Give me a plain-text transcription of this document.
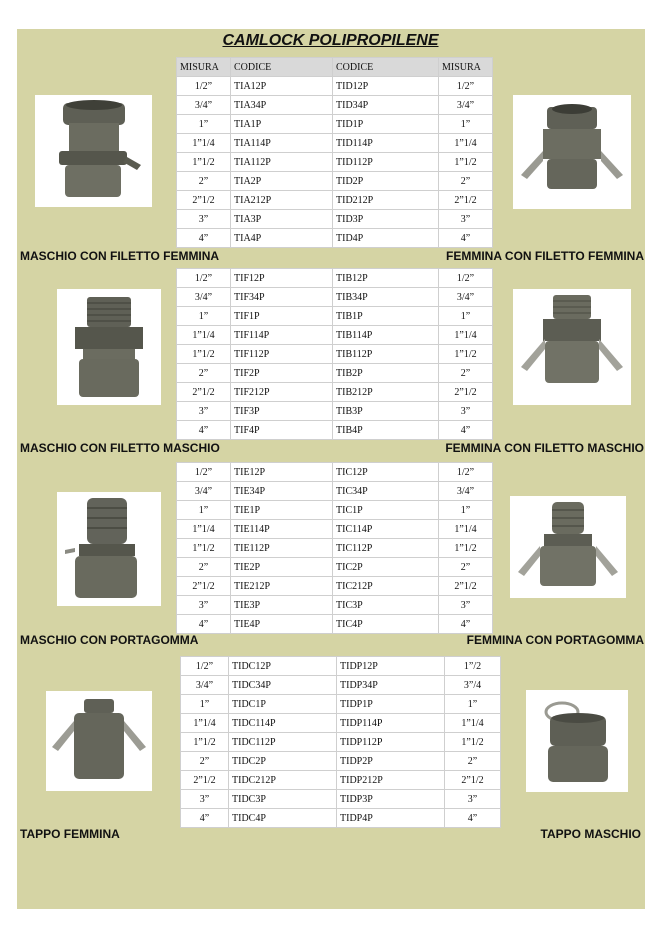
CAMLOCK POLIPROPILENE
MISURA	CODICE	CODICE	MISURA
1/2”	TIA12P	TID12P	1/2”
3/4”	TIA34P	TID34P	3/4”
1”	TIA1P	TID1P	1”
1”1/4	TIA114P	TID114P	1”1/4
1”1/2	TIA112P	TID112P	1”1/2
2”	TIA2P	TID2P	2”
2”1/2	TIA212P	TID212P	2”1/2
3”	TIA3P	TID3P	3”
4”	TIA4P	TID4P	4”
MASCHIO CON FILETTO FEMMINA	FEMMINA CON FILETTO FEMMINA
1/2”	TIF12P	TIB12P	1/2”
3/4”	TIF34P	TIB34P	3/4”
1”	TIF1P	TIB1P	1”
1”1/4	TIF114P	TIB114P	1”1/4
1”1/2	TIF112P	TIB112P	1”1/2
2”	TIF2P	TIB2P	2”
2”1/2	TIF212P	TIB212P	2”1/2
3”	TIF3P	TIB3P	3”
4”	TIF4P	TIB4P	4”
MASCHIO CON FILETTO MASCHIO	FEMMINA CON FILETTO MASCHIO
1/2”	TIE12P	TIC12P	1/2”
3/4”	TIE34P	TIC34P	3/4”
1”	TIE1P	TIC1P	1”
1”1/4	TIE114P	TIC114P	1”1/4
1”1/2	TIE112P	TIC112P	1”1/2
2”	TIE2P	TIC2P	2”
2”1/2	TIE212P	TIC212P	2”1/2
3”	TIE3P	TIC3P	3”
4”	TIE4P	TIC4P	4”
MASCHIO CON PORTAGOMMA	FEMMINA CON PORTAGOMMA
1/2”	TIDC12P	TIDP12P	1”/2
3/4”	TIDC34P	TIDP34P	3”/4
1”	TIDC1P	TIDP1P	1”
1”1/4	TIDC114P	TIDP114P	1”1/4
1”1/2	TIDC112P	TIDP112P	1”1/2
2”	TIDC2P	TIDP2P	2”
2”1/2	TIDC212P	TIDP212P	2”1/2
3”	TIDC3P	TIDP3P	3”
4”	TIDC4P	TIDP4P	4”
TAPPO FEMMINA	TAPPO MASCHIO
